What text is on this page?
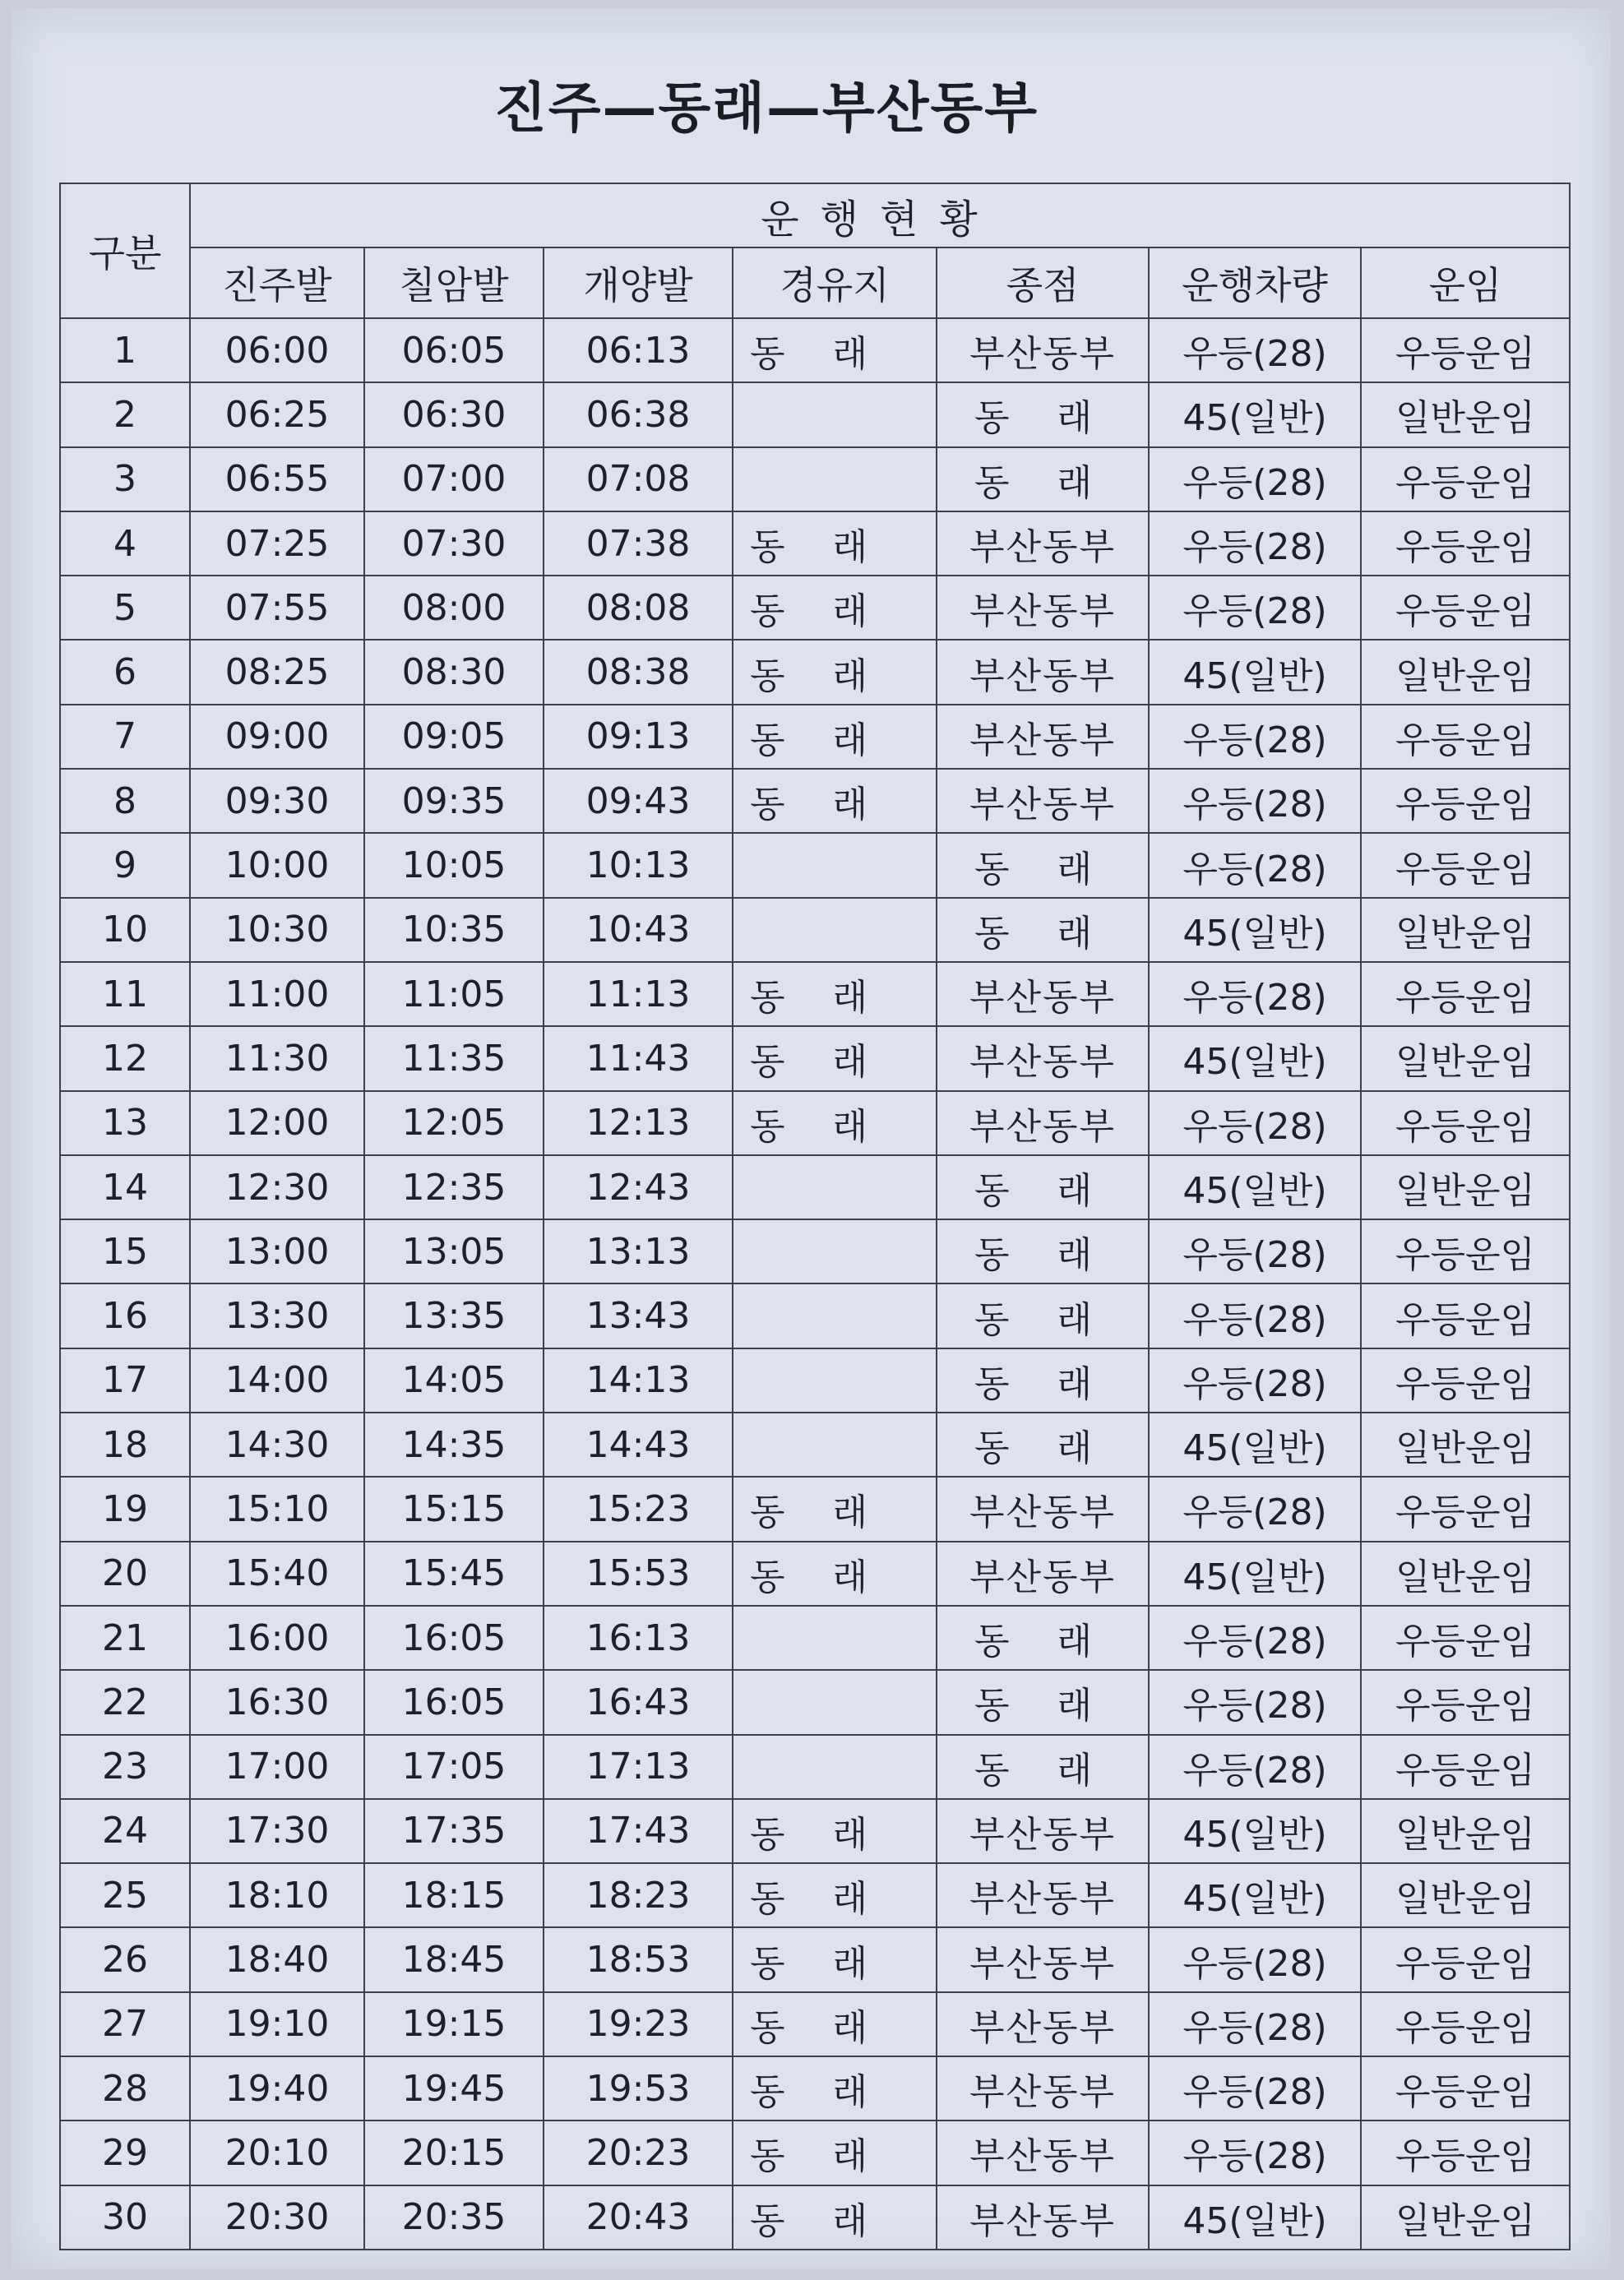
진주—동래—부산동부
구분	운행현황						
	진주발	칠암발	개양발	경유지	종점	운행차량	운임
1	06:00	06:05	06:13	동 래	부산동부	우등(28)	우등운임
2	06:25	06:30	06:38		동 래	45(일반)	일반운임
3	06:55	07:00	07:08		동 래	우등(28)	우등운임
4	07:25	07:30	07:38	동 래	부산동부	우등(28)	우등운임
5	07:55	08:00	08:08	동 래	부산동부	우등(28)	우등운임
6	08:25	08:30	08:38	동 래	부산동부	45(일반)	일반운임
7	09:00	09:05	09:13	동 래	부산동부	우등(28)	우등운임
8	09:30	09:35	09:43	동 래	부산동부	우등(28)	우등운임
9	10:00	10:05	10:13		동 래	우등(28)	우등운임
10	10:30	10:35	10:43		동 래	45(일반)	일반운임
11	11:00	11:05	11:13	동 래	부산동부	우등(28)	우등운임
12	11:30	11:35	11:43	동 래	부산동부	45(일반)	일반운임
13	12:00	12:05	12:13	동 래	부산동부	우등(28)	우등운임
14	12:30	12:35	12:43		동 래	45(일반)	일반운임
15	13:00	13:05	13:13		동 래	우등(28)	우등운임
16	13:30	13:35	13:43		동 래	우등(28)	우등운임
17	14:00	14:05	14:13		동 래	우등(28)	우등운임
18	14:30	14:35	14:43		동 래	45(일반)	일반운임
19	15:10	15:15	15:23	동 래	부산동부	우등(28)	우등운임
20	15:40	15:45	15:53	동 래	부산동부	45(일반)	일반운임
21	16:00	16:05	16:13		동 래	우등(28)	우등운임
22	16:30	16:05	16:43		동 래	우등(28)	우등운임
23	17:00	17:05	17:13		동 래	우등(28)	우등운임
24	17:30	17:35	17:43	동 래	부산동부	45(일반)	일반운임
25	18:10	18:15	18:23	동 래	부산동부	45(일반)	일반운임
26	18:40	18:45	18:53	동 래	부산동부	우등(28)	우등운임
27	19:10	19:15	19:23	동 래	부산동부	우등(28)	우등운임
28	19:40	19:45	19:53	동 래	부산동부	우등(28)	우등운임
29	20:10	20:15	20:23	동 래	부산동부	우등(28)	우등운임
30	20:30	20:35	20:43	동 래	부산동부	45(일반)	일반운임
